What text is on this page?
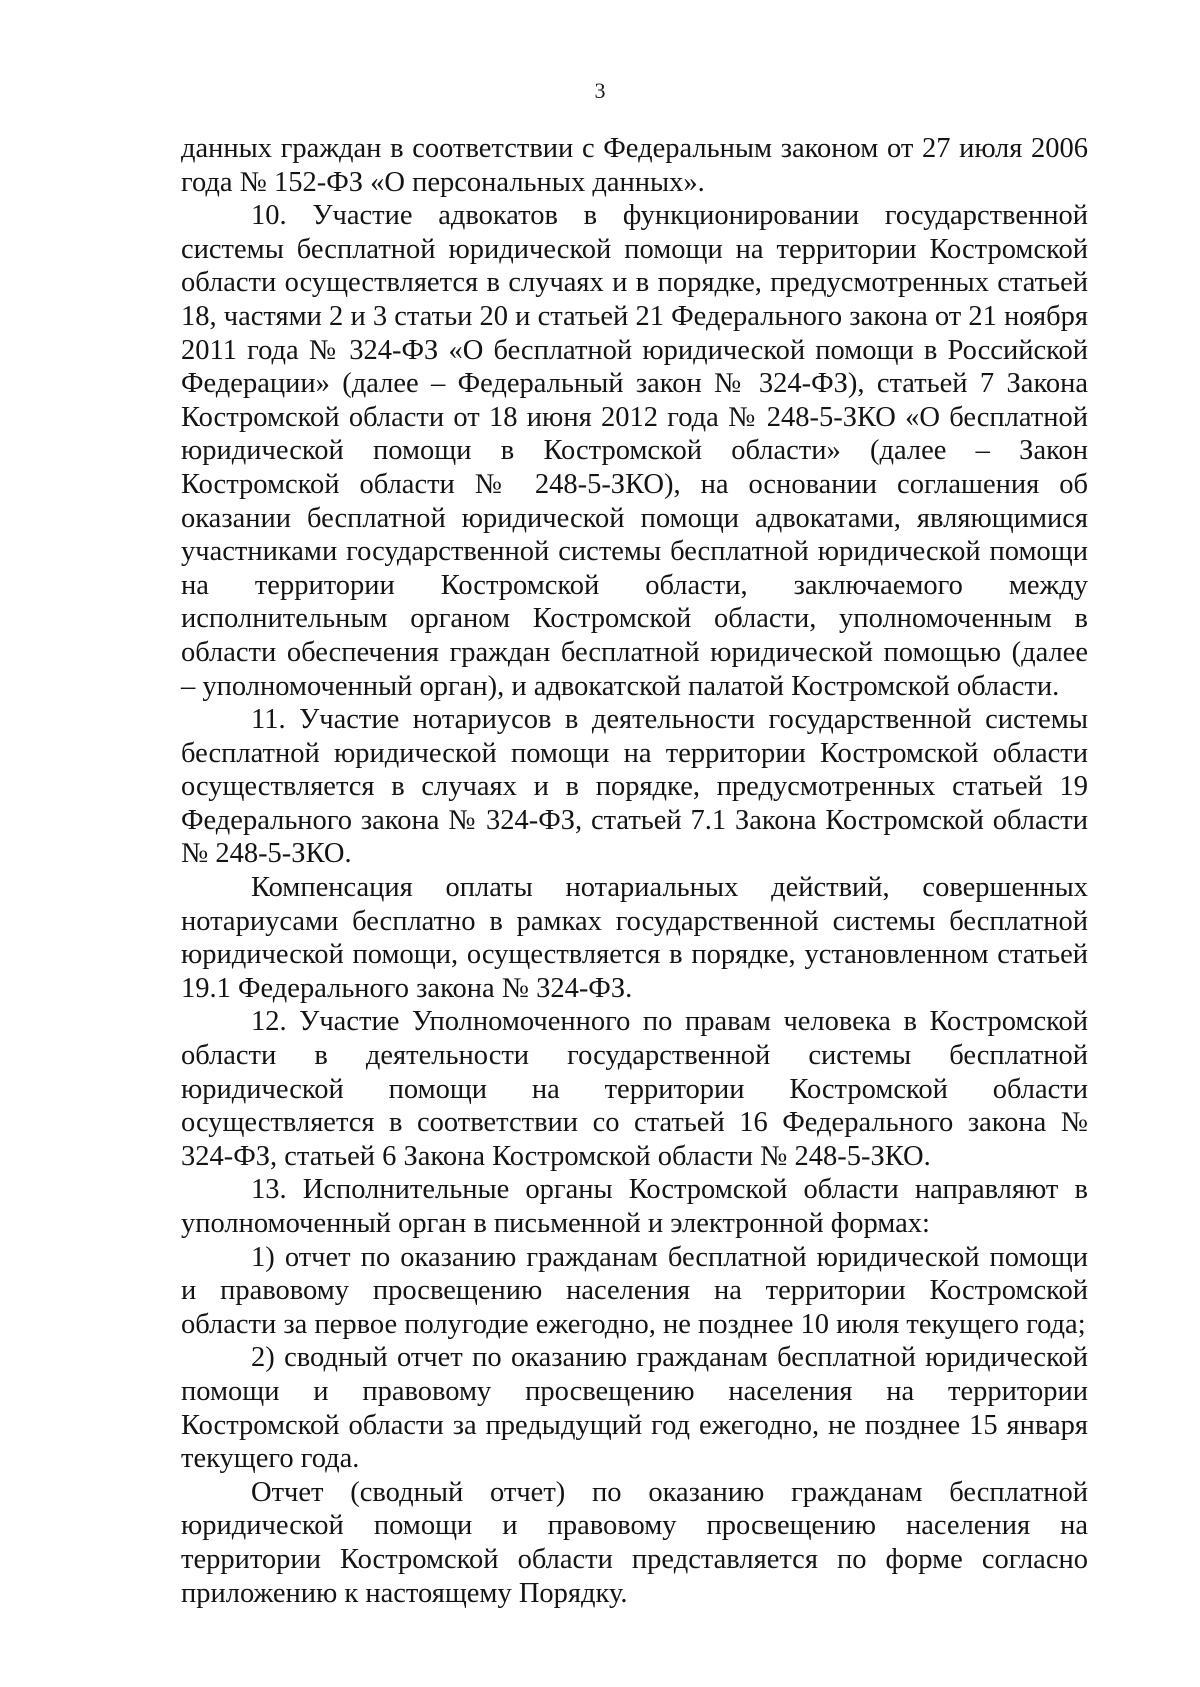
3

данных граждан в соответствии с Федеральным законом от 27 июля 2006 года № 152-ФЗ «О персональных данных».

10. Участие адвокатов в функционировании государственной системы бесплатной юридической помощи на территории Костромской области осуществляется в случаях и в порядке, предусмотренных статьей 18, частями 2 и 3 статьи 20 и статьей 21 Федерального закона от 21 ноября 2011 года № 324-ФЗ «О бесплатной юридической помощи в Российской Федерации» (далее – Федеральный закон № 324-ФЗ), статьей 7 Закона Костромской области от 18 июня 2012 года № 248-5-ЗКО «О бесплатной юридической помощи в Костромской области» (далее – Закон Костромской области № 248-5-ЗКО), на основании соглашения об оказании бесплатной юридической помощи адвокатами, являющимися участниками государственной системы бесплатной юридической помощи на территории Костромской области, заключаемого между исполнительным органом Костромской области, уполномоченным в области обеспечения граждан бесплатной юридической помощью (далее – уполномоченный орган), и адвокатской палатой Костромской области.

11. Участие нотариусов в деятельности государственной системы бесплатной юридической помощи на территории Костромской области осуществляется в случаях и в порядке, предусмотренных статьей 19 Федерального закона № 324-ФЗ, статьей 7.1 Закона Костромской области № 248-5-ЗКО.

Компенсация оплаты нотариальных действий, совершенных нотариусами бесплатно в рамках государственной системы бесплатной юридической помощи, осуществляется в порядке, установленном статьей 19.1 Федерального закона № 324-ФЗ.

12. Участие Уполномоченного по правам человека в Костромской области в деятельности государственной системы бесплатной юридической помощи на территории Костромской области осуществляется в соответствии со статьей 16 Федерального закона № 324-ФЗ, статьей 6 Закона Костромской области № 248-5-ЗКО.

13. Исполнительные органы Костромской области направляют в уполномоченный орган в письменной и электронной формах:

1) отчет по оказанию гражданам бесплатной юридической помощи и правовому просвещению населения на территории Костромской области за первое полугодие ежегодно, не позднее 10 июля текущего года;

2) сводный отчет по оказанию гражданам бесплатной юридической помощи и правовому просвещению населения на территории Костромской области за предыдущий год ежегодно, не позднее 15 января текущего года.

Отчет (сводный отчет) по оказанию гражданам бесплатной юридической помощи и правовому просвещению населения на территории Костромской области представляется по форме согласно приложению к настоящему Порядку.
